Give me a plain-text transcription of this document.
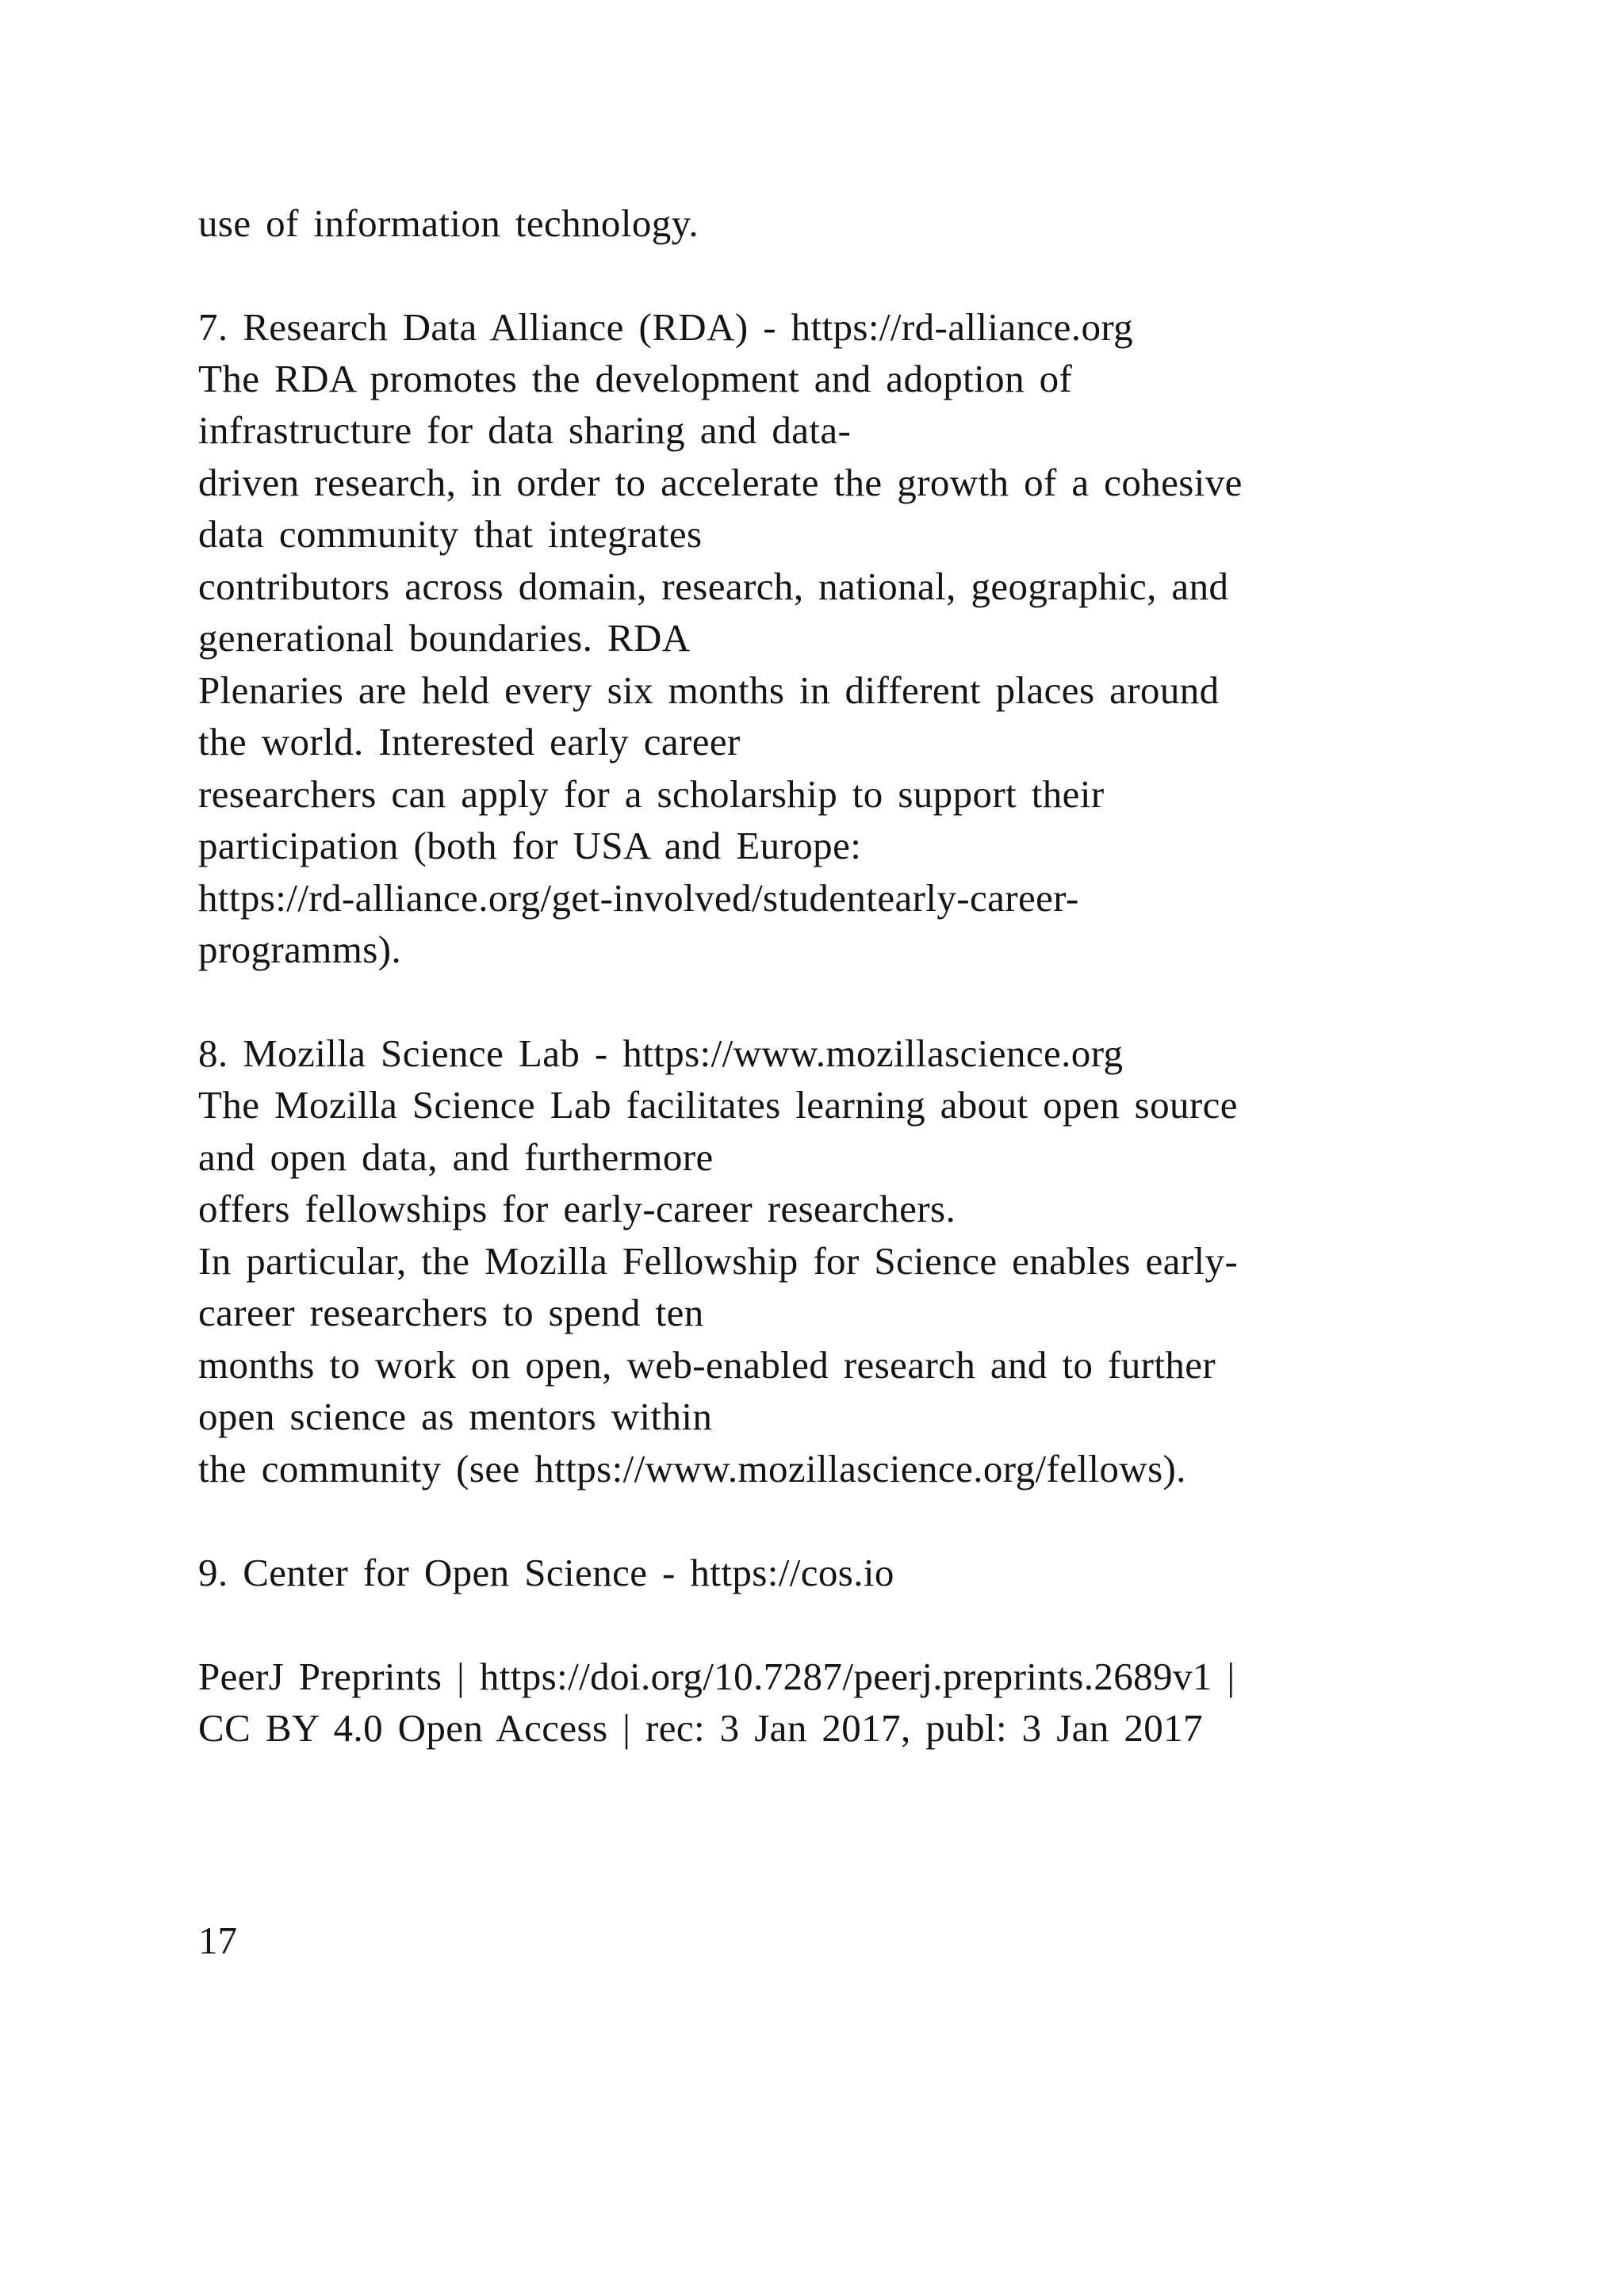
use of information technology.
7. Research Data Alliance (RDA) - https://rd-alliance.org
The RDA promotes the development and adoption of
infrastructure for data sharing and data-
driven research, in order to accelerate the growth of a cohesive
data community that integrates
contributors across domain, research, national, geographic, and
generational boundaries. RDA
Plenaries are held every six months in different places around
the world. Interested early career
researchers can apply for a scholarship to support their
participation (both for USA and Europe:
https://rd-alliance.org/get-involved/studentearly-career-
programms).
8. Mozilla Science Lab - https://www.mozillascience.org
The Mozilla Science Lab facilitates learning about open source
and open data, and furthermore
offers fellowships for early-career researchers.
In particular, the Mozilla Fellowship for Science enables early-
career researchers to spend ten
months to work on open, web-enabled research and to further
open science as mentors within
the community (see https://www.mozillascience.org/fellows).
9. Center for Open Science - https://cos.io
PeerJ Preprints | https://doi.org/10.7287/peerj.preprints.2689v1 |
CC BY 4.0 Open Access | rec: 3 Jan 2017, publ: 3 Jan 2017
17
